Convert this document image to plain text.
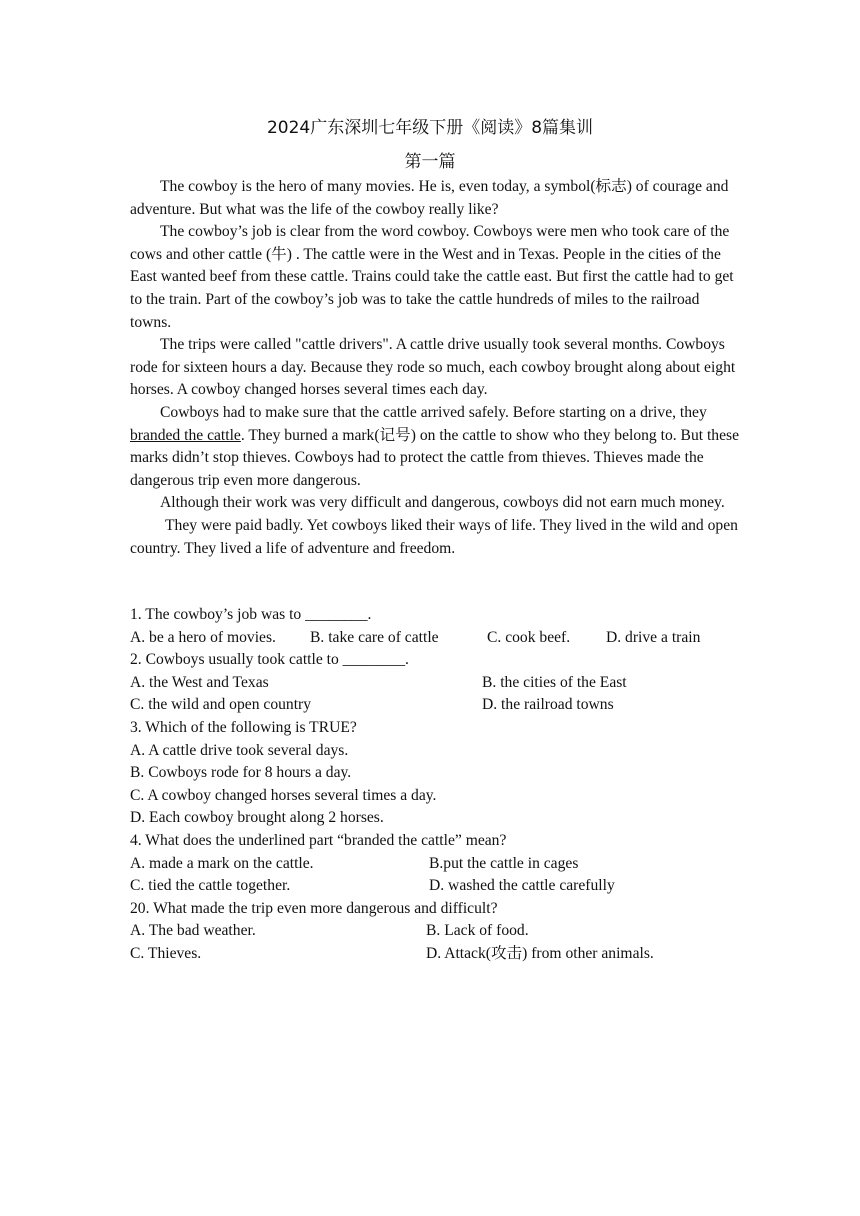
2024广东深圳七年级下册《阅读》8篇集训
第一篇

The cowboy is the hero of many movies. He is, even today, a symbol(标志) of courage and adventure. But what was the life of the cowboy really like?

The cowboy’s job is clear from the word cowboy. Cowboys were men who took care of the cows and other cattle (牛) . The cattle were in the West and in Texas. People in the cities of the East wanted beef from these cattle. Trains could take the cattle east. But first the cattle had to get to the train. Part of the cowboy’s job was to take the cattle hundreds of miles to the railroad towns.

The trips were called "cattle drivers". A cattle drive usually took several months. Cowboys rode for sixteen hours a day. Because they rode so much, each cowboy brought along about eight horses. A cowboy changed horses several times each day.

Cowboys had to make sure that the cattle arrived safely. Before starting on a drive, they branded the cattle. They burned a mark(记号) on the cattle to show who they belong to. But these marks didn’t stop thieves. Cowboys had to protect the cattle from thieves. Thieves made the dangerous trip even more dangerous.

Although their work was very difficult and dangerous, cowboys did not earn much money.

They were paid badly. Yet cowboys liked their ways of life. They lived in the wild and open country. They lived a life of adventure and freedom.

1. The cowboy’s job was to ________.

A. be a hero of movies. B. take care of cattle	C. cook beef. D. drive a train

2. Cowboys usually took cattle to ________.

A. the West and Texas	B. the cities of the East
C. the wild and open country	D. the railroad towns

3. Which of the following is TRUE?

A. A cattle drive took several days.

B. Cowboys rode for 8 hours a day.

C. A cowboy changed horses several times a day.

D. Each cowboy brought along 2 horses.

4. What does the underlined part “branded the cattle” mean?

A. made a mark on the cattle.	B.put the cattle in cages
C. tied the cattle together.	D. washed the cattle carefully

20. What made the trip even more dangerous and difficult?

A. The bad weather.	B. Lack of food.
C. Thieves.	D. Attack(攻击) from other animals.
